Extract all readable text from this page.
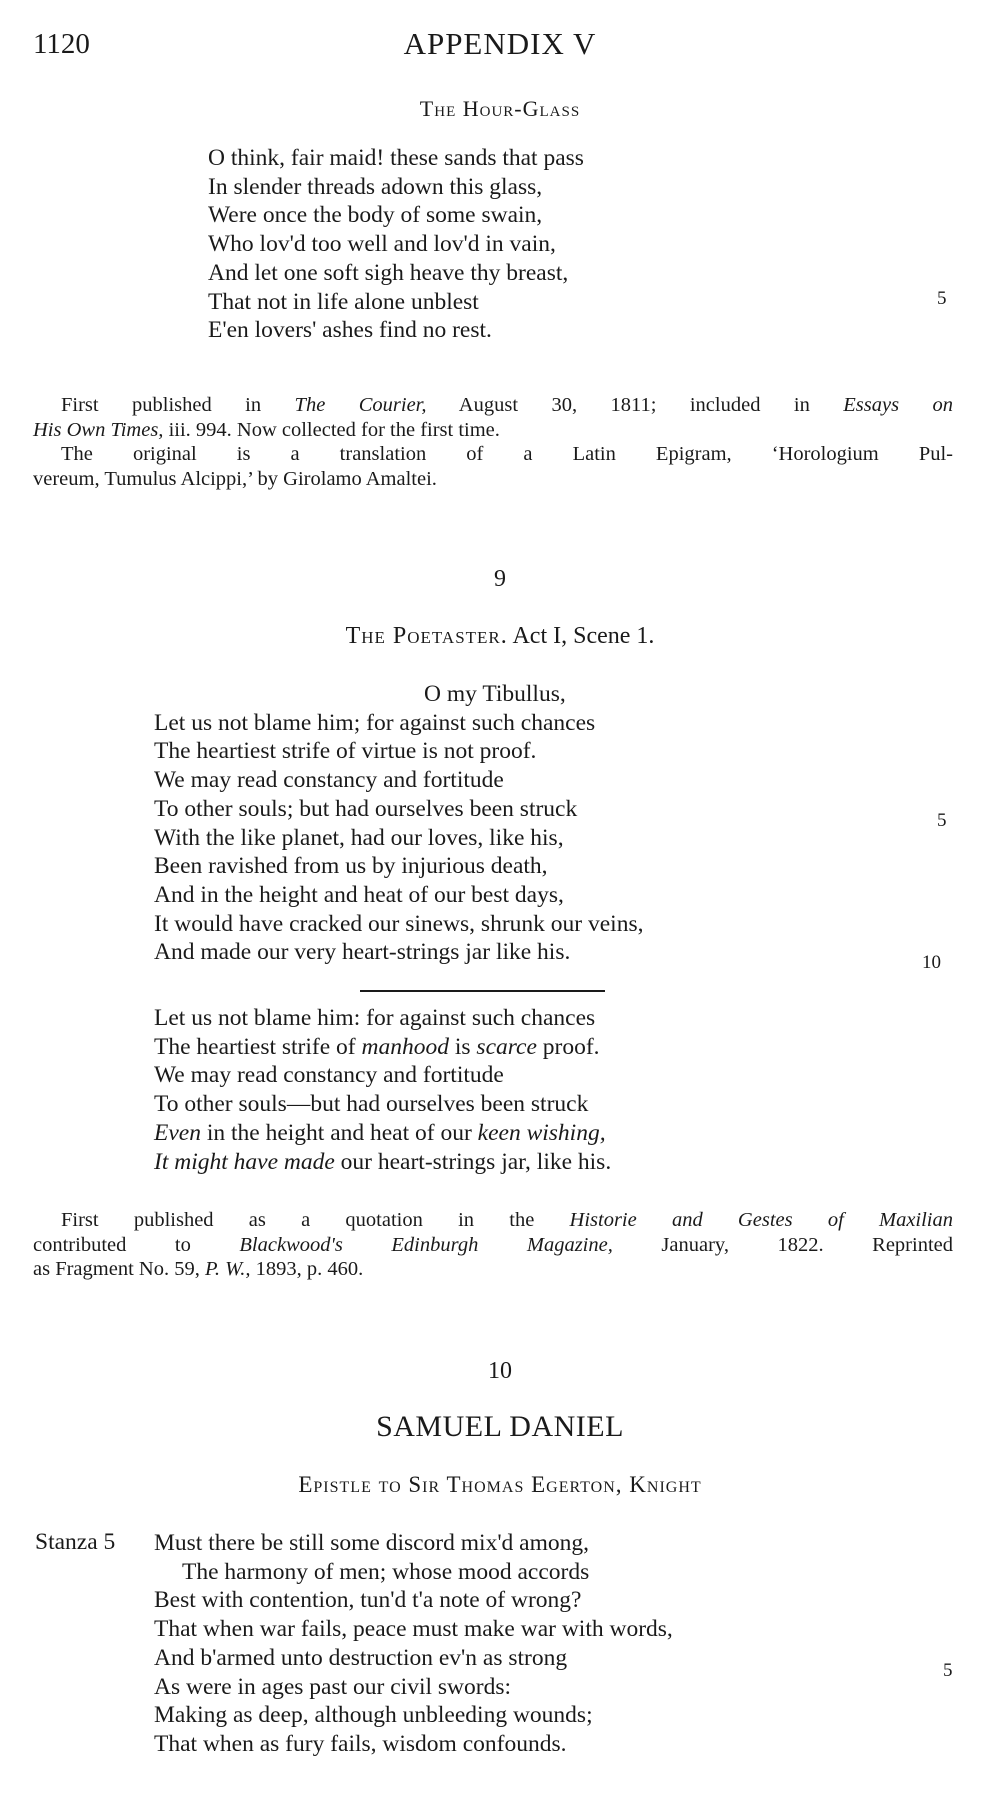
1120	APPENDIX V
The Hour-Glass
O think, fair maid! these sands that pass
In slender threads adown this glass,
Were once the body of some swain,
Who lov'd too well and lov'd in vain,
And let one soft sigh heave thy breast,
That not in life alone unblest
E'en lovers' ashes find no rest.
5
First published in The Courier, August 30, 1811; included in Essays on
His Own Times, iii. 994. Now collected for the first time.
The original is a translation of a Latin Epigram, ‘Horologium Pul-
vereum, Tumulus Alcippi,’ by Girolamo Amaltei.
9
The Poetaster. Act I, Scene 1.
O my Tibullus,
Let us not blame him; for against such chances
The heartiest strife of virtue is not proof.
We may read constancy and fortitude
To other souls; but had ourselves been struck
With the like planet, had our loves, like his,
Been ravished from us by injurious death,
And in the height and heat of our best days,
It would have cracked our sinews, shrunk our veins,
And made our very heart-strings jar like his.
5
10
Let us not blame him: for against such chances
The heartiest strife of manhood is scarce proof.
We may read constancy and fortitude
To other souls—but had ourselves been struck
Even in the height and heat of our keen wishing,
It might have made our heart-strings jar, like his.
First published as a quotation in the Historie and Gestes of Maxilian
contributed to Blackwood's Edinburgh Magazine, January, 1822. Reprinted
as Fragment No. 59, P. W., 1893, p. 460.
10
SAMUEL DANIEL
Epistle to Sir Thomas Egerton, Knight
Stanza 5 Must there be still some discord mix'd among,
The harmony of men; whose mood accords
Best with contention, tun'd t'a note of wrong?
That when war fails, peace must make war with words,
And b'armed unto destruction ev'n as strong
As were in ages past our civil swords:
Making as deep, although unbleeding wounds;
That when as fury fails, wisdom confounds.
5
